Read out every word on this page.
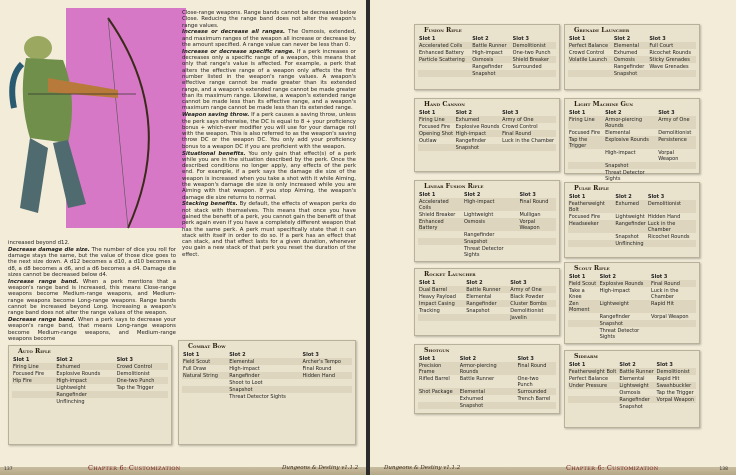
Close-range weapons. Range bands cannot be decreased below Close. Reducing the range band does not alter the weapon's range values.

Increase or decrease all ranges. The Osmosis, extended, and maximum ranges of the weapon all increase or decrease by the amount specified. A range value can never be less than 0.

Increase or decrease specific range. If a perk increases or decreases only a specific range of a weapon, this means that only that range's value is affected. For example, a perk that alters the effective range of a weapon only affects the first number listed in the weapon's range values. A weapon's effective range cannot be made greater than its extended range, and a weapon's extended range cannot be made greater than its maximum range. Likewise, a weapon's extended range cannot be made less than its effective range, and a weapon's maximum range cannot be made less than its extended range.

Weapon saving throw. If a perk causes a saving throw, unless the perk says otherwise, the DC is equal to 8 + your proficiency bonus + which-ever modifier you will use for your damage roll with the weapon. This is also referred to as the weapon's saving throw DC or the weapon DC. You only add your proficiency bonus to a weapon DC if you are proficient with the weapon.

Situational benefits. You only gain that effect(s) of a perk while you are in the situation described by the perk. Once the described conditions no longer apply, any effects of the perk end. For example, if a perk says the damage die size of the weapon is increased when you take a shot with it while Aiming, the weapon's damage die size is only increased while you are Aiming with that weapon. If you stop Aiming, the weapon's damage die size returns to normal.

Stacking benefits. By default, the effects of weapon perks do not stack with themselves. This means that once you have gained the benefit of a perk, you cannot gain the benefit of that perk again even if you have a completely different weapon that has the same perk. A perk must specifically state that it can stack with itself in order to do so. If a perk has an effect that can stack, and that effect lasts for a given duration, whenever you gain a new stack of that perk you reset the duration of the effect.

increased beyond d12.

Decrease damage die size. The number of dice you roll for damage stays the same, but the value of those dice goes to the next size down. A d12 becomes a d10, a d10 becomes a d8, a d8 becomes a d6, and a d6 becomes a d4. Damage die sizes cannot be decreased below d4.

Increase range band. When a perk mentions that a weapon's range band is increased, this means Close-range weapons become Medium-range weapons, and Medium-range weapons become Long-range weapons. Range bands cannot be increased beyond Long. Increasing a weapon's range band does not alter the range values of the weapon.

Decrease range band. When a perk says to decrease your weapon's range band, that means Long-range weapons become Medium-range weapons, and Medium-range weapons become

Auto Rifle
Slot 1	Slot 2	Slot 3
Firing Line	Exhumed	Crowd Control
Focused Fire	Explosive Rounds	Demolitionist
Hip Fire	High-impact	One-two Punch
	Lightweight	Tap the Trigger
	Rangefinder	
	Unflinching	
Combat Bow
Slot 1	Slot 2	Slot 3
Field Scout	Elemental	Archer's Tempo
Full Draw	High-impact	Final Round
Natural String	Rangefinder	Hidden Hand
	Shoot to Loot	
	Snapshot	
	Threat Detector Sights	
137	Chapter 6: Customization	Dungeons & Destiny v1.1.2
Fusion Rifle
Slot 1	Slot 2	Slot 3
Accelerated Coils	Battle Runner	Demolitionist
Enhanced Battery	High-impact	One-two Punch
Particle Scattering	Osmosis	Shield Breaker
	Rangefinder	Surrounded
	Snapshot	
Grenade Launcher
Slot 1	Slot 2	Slot 3
Perfect Balance	Elemental	Full Court
Crowd Control	Exhumed	Ricochet Rounds
Volatile Launch	Osmosis	Sticky Grenades
	Rangefinder	Wave Grenades
	Snapshot	
Hand Cannon
Slot 1	Slot 2	Slot 3
Firing Line	Exhumed	Army of One
Focused Fire	Explosive Rounds	Crowd Control
Opening Shot	High-impact	Final Round
Outlaw	Rangefinder	Luck in the Chamber
	Snapshot	
Light Machine Gun
Slot 1	Slot 2	Slot 3
Firing Line	Armor-piercing Rounds	Army of One
Focused Fire	Elemental	Demolitionist
Tap the Trigger	Explosive Rounds	Persistence
	High-impact	Vorpal Weapon
	Snapshot	
	Threat Detector Sights	
Linear Fusion Rifle
Slot 1	Slot 2	Slot 3
Accelerated Coils	High-impact	Final Round
Shield Breaker	Lightweight	Mulligan
Enhanced Battery	Osmosis	Vorpal Weapon
	Rangefinder	
	Snapshot	
	Threat Detector Sights	
Pulse Rifle
Slot 1	Slot 2	Slot 3
Featherweight Bolt	Exhumed	Demolitionist
Focused Fire	Lightweight	Hidden Hand
Headseeker	Rangefinder	Luck in the Chamber
	Snapshot	Ricochet Rounds
	Unflinching	
Rocket Launcher
Slot 1	Slot 2	Slot 3
Dual Barrel	Battle Runner	Army of One
Heavy Payload	Elemental	Black Powder
Impact Casing	Rangefinder	Cluster Bombs
Tracking	Snapshot	Demolitionist
		Javelin
Scout Rifle
Slot 1	Slot 2	Slot 3
Field Scout	Explosive Rounds	Final Round
Take a Knee	High-impact	Luck in the Chamber
Zen Moment	Lightweight	Rapid Hit
	Rangefinder	Vorpal Weapon
	Snapshot	
	Threat Detector Sights	
Shotgun
Slot 1	Slot 2	Slot 3
Precision Frame	Armor-piercing Rounds	Final Round
Rifled Barrel	Battle Runner	One-two Punch
Shot Package	Elemental	Surrounded
	Exhumed	Trench Barrel
	Snapshot	
Sidearm
Slot 1	Slot 2	Slot 3
Featherweight Bolt	Battle Runner	Demolitionist
Perfect Balance	Elemental	Rapid Hit
Under Pressure	Lightweight	Swashbuckler
	Osmosis	Tap the Trigger
	Rangefinder	Vorpal Weapon
	Snapshot	
Dungeons & Destiny v1.1.2	Chapter 6: Customization	138
